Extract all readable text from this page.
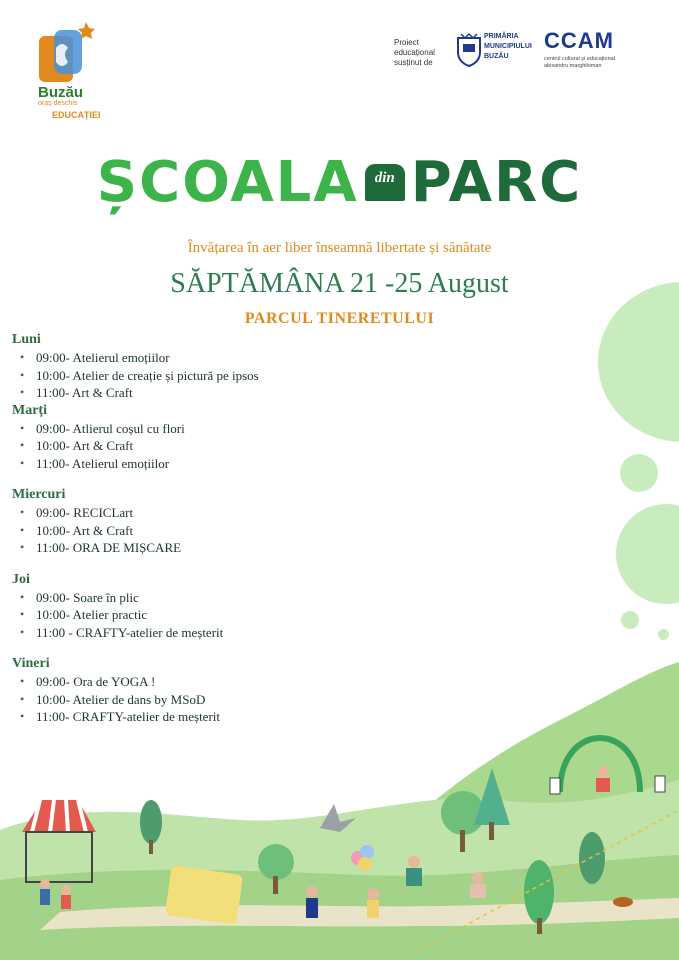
Buzău
oraș deschis
EDUCAȚIEI
Proiect
educațional
susținut de
PRIMĂRIA
MUNICIPIULUI
BUZĂU
CCAM
centrul cultural și educațional
alexandru marghiloman
ȘCOALA din PARC
Învățarea în aer liber înseamnă libertate și sănătate
SĂPTĂMÂNA 21 -25 August
PARCUL TINERETULUI
Luni
• 09:00- Atelierul emoțiilor
• 10:00- Atelier de creație și pictură pe ipsos
• 11:00- Art & Craft
Marți
• 09:00- Atlierul coșul cu flori
• 10:00- Art & Craft
• 11:00- Atelierul emoțiilor
Miercuri
• 09:00- RECICLart
• 10:00- Art & Craft
• 11:00- ORA DE MIȘCARE
Joi
• 09:00- Soare în plic
• 10:00- Atelier practic
• 11:00 - CRAFTY-atelier de meșterit
Vineri
• 09:00- Ora de YOGA !
• 10:00- Atelier de dans by MSoD
• 11:00- CRAFTY-atelier de meșterit
